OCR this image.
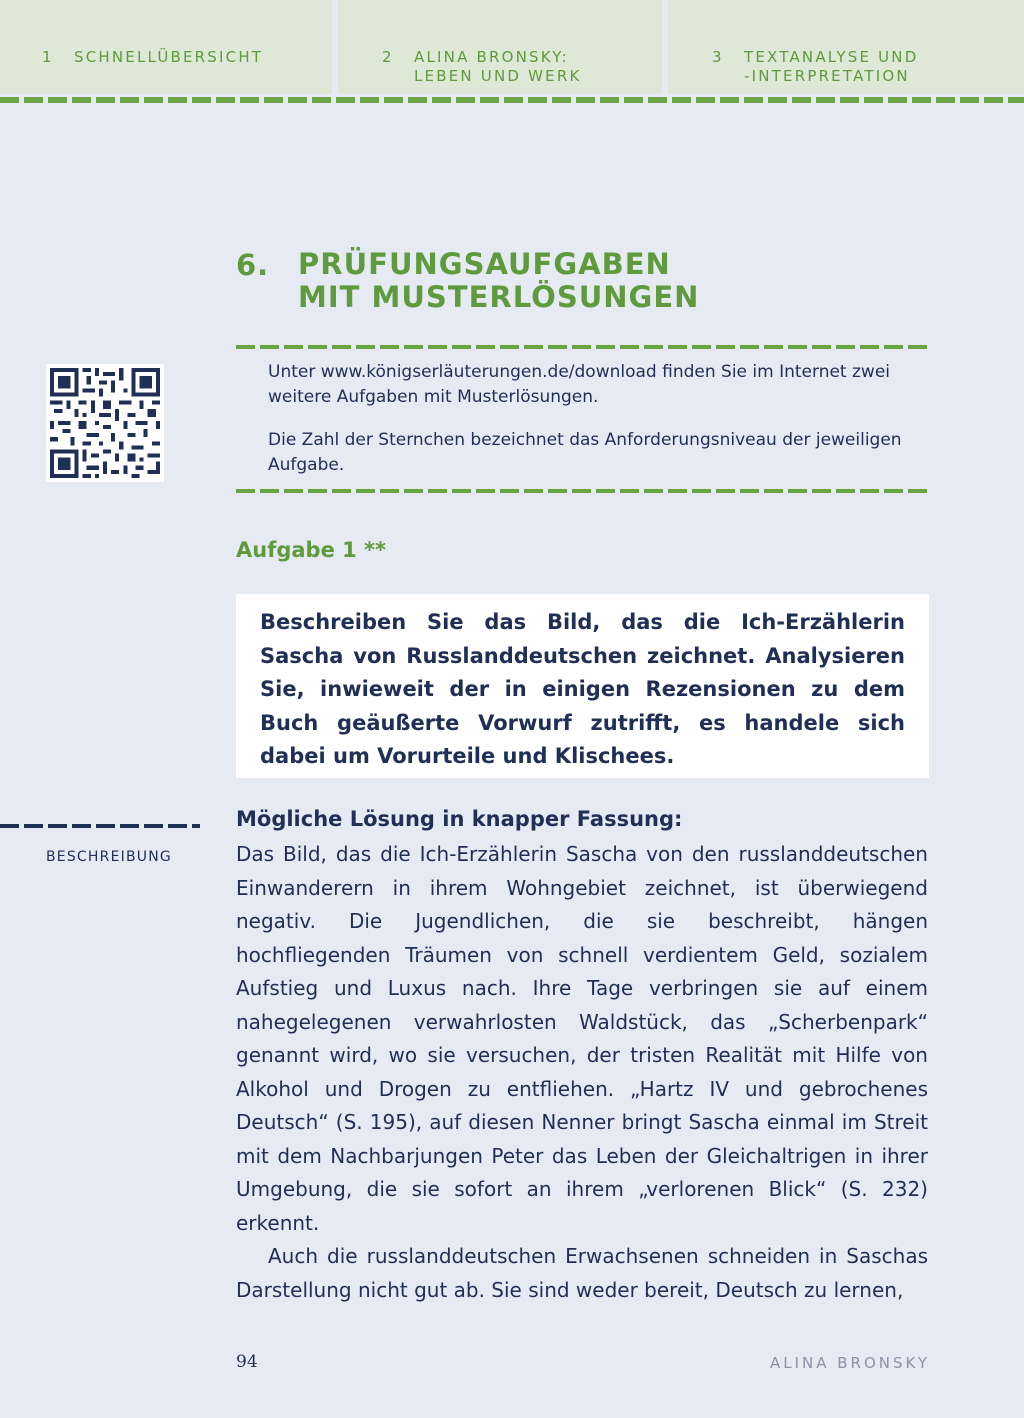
1 SCHNELLÜBERSICHT	2 ALINA BRONSKY:
LEBEN UND WERK
3 TEXTANALYSE UND
-INTERPRETATION
6. PRÜFUNGSAUFGABEN
MIT MUSTERLÖSUNGEN
Unter www.königserläuterungen.de/download finden Sie im Internet zwei weitere Aufgaben mit Musterlösungen.
Die Zahl der Sternchen bezeichnet das Anforderungsniveau der jeweiligen Aufgabe.
Aufgabe 1 **
Beschreiben Sie das Bild, das die Ich-Erzählerin Sascha von Russlanddeutschen zeichnet. Analysieren Sie, inwieweit der in einigen Rezensionen zu dem Buch geäußerte Vorwurf zutrifft, es handele sich dabei um Vorurteile und Klischees.
BESCHREIBUNG
Mögliche Lösung in knapper Fassung:

Das Bild, das die Ich-Erzählerin Sascha von den russlanddeutschen Einwanderern in ihrem Wohngebiet zeichnet, ist überwiegend negativ. Die Jugendlichen, die sie beschreibt, hängen hochfliegenden Träumen von schnell verdientem Geld, sozialem Aufstieg und Luxus nach. Ihre Tage verbringen sie auf einem nahegelegenen verwahrlosten Waldstück, das „Scherbenpark“ genannt wird, wo sie versuchen, der tristen Realität mit Hilfe von Alkohol und Drogen zu entfliehen. „Hartz IV und gebrochenes Deutsch“ (S. 195), auf diesen Nenner bringt Sascha einmal im Streit mit dem Nachbarjungen Peter das Leben der Gleichaltrigen in ihrer Umgebung, die sie sofort an ihrem „verlorenen Blick“ (S. 232) erkennt.

Auch die russlanddeutschen Erwachsenen schneiden in Saschas Darstellung nicht gut ab. Sie sind weder bereit, Deutsch zu lernen,

94	ALINA BRONSKY
